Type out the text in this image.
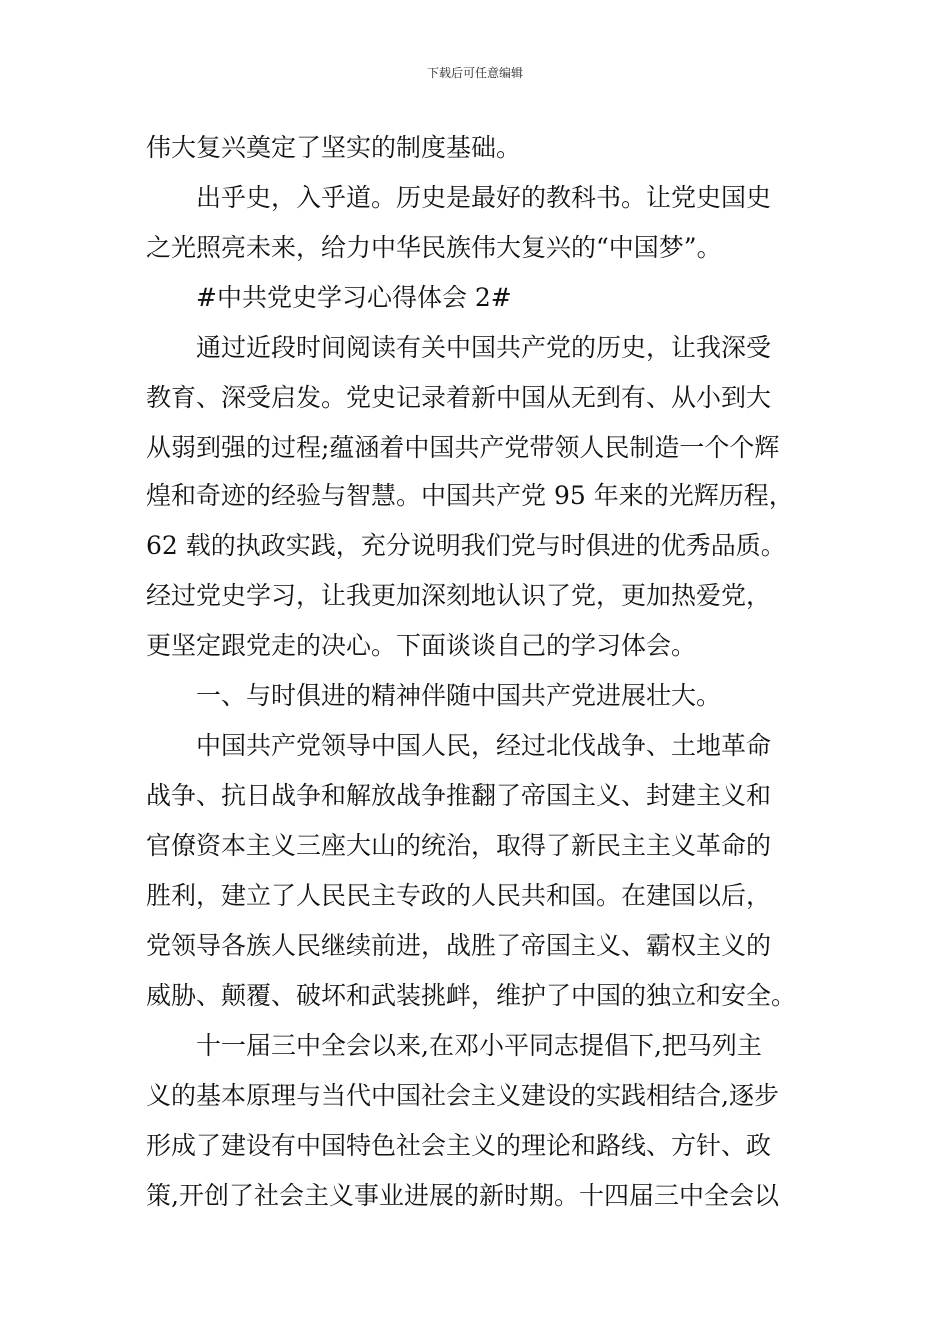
下载后可任意编辑
伟大复兴奠定了坚实的制度基础。
出乎史，入乎道。历史是最好的教科书。让党史国史
之光照亮未来，给力中华民族伟大复兴的“中国梦”。
#中共党史学习心得体会 2#
通过近段时间阅读有关中国共产党的历史，让我深受
教育、深受启发。党史记录着新中国从无到有、从小到大
从弱到强的过程;蕴涵着中国共产党带领人民制造一个个辉
煌和奇迹的经验与智慧。中国共产党 95 年来的光辉历程，
62 载的执政实践，充分说明我们党与时俱进的优秀品质。
经过党史学习，让我更加深刻地认识了党，更加热爱党，
更坚定跟党走的决心。下面谈谈自己的学习体会。
一、与时俱进的精神伴随中国共产党进展壮大。
中国共产党领导中国人民，经过北伐战争、土地革命
战争、抗日战争和解放战争推翻了帝国主义、封建主义和
官僚资本主义三座大山的统治，取得了新民主主义革命的
胜利，建立了人民民主专政的人民共和国。在建国以后，
党领导各族人民继续前进，战胜了帝国主义、霸权主义的
威胁、颠覆、破坏和武装挑衅，维护了中国的独立和安全。
十一届三中全会以来,在邓小平同志提倡下,把马列主
义的基本原理与当代中国社会主义建设的实践相结合,逐步
形成了建设有中国特色社会主义的理论和路线、方针、政
策,开创了社会主义事业进展的新时期。十四届三中全会以
